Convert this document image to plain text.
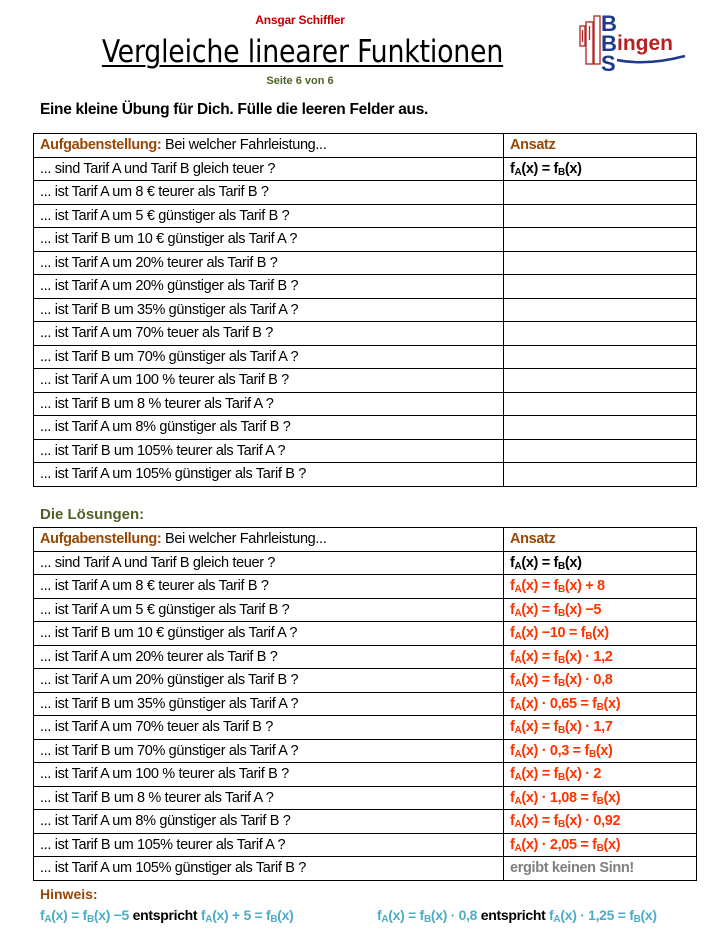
Ansgar Schiffler
Vergleiche linearer Funktionen
Seite 6 von 6
B
B
S
ingen
Eine kleine Übung für Dich. Fülle die leeren Felder aus.
Aufgabenstellung: Bei welcher Fahrleistung...	Ansatz
... sind Tarif A und Tarif B gleich teuer ?	$f_A(x) = f_B(x)$
... ist Tarif A um 8 € teurer als Tarif B ?	
... ist Tarif A um 5 € günstiger als Tarif B ?	
... ist Tarif B um 10 € günstiger als Tarif A ?	
... ist Tarif A um 20% teurer als Tarif B ?	
... ist Tarif A um 20% günstiger als Tarif B ?	
... ist Tarif B um 35% günstiger als Tarif A ?	
... ist Tarif A um 70% teuer als Tarif B ?	
... ist Tarif B um 70% günstiger als Tarif A ?	
... ist Tarif A um 100 % teurer als Tarif B ?	
... ist Tarif B um 8 % teurer als Tarif A ?	
... ist Tarif A um 8% günstiger als Tarif B ?	
... ist Tarif B um 105% teurer als Tarif A ?	
... ist Tarif A um 105% günstiger als Tarif B ?	
Die Lösungen:
Aufgabenstellung: Bei welcher Fahrleistung...	Ansatz
... sind Tarif A und Tarif B gleich teuer ?	$f_A(x) = f_B(x)$
... ist Tarif A um 8 € teurer als Tarif B ?	$f_A(x) = f_B(x) + 8$
... ist Tarif A um 5 € günstiger als Tarif B ?	$f_A(x) = f_B(x) -5$
... ist Tarif B um 10 € günstiger als Tarif A ?	$f_A(x) -10 = f_B(x)$
... ist Tarif A um 20% teurer als Tarif B ?	$f_A(x) = f_B(x) \cdot 1,2$
... ist Tarif A um 20% günstiger als Tarif B ?	$f_A(x) = f_B(x) \cdot 0,8$
... ist Tarif B um 35% günstiger als Tarif A ?	$f_A(x) \cdot 0,65 = f_B(x)$
... ist Tarif A um 70% teuer als Tarif B ?	$f_A(x) = f_B(x) \cdot 1,7$
... ist Tarif B um 70% günstiger als Tarif A ?	$f_A(x) \cdot 0,3 = f_B(x)$
... ist Tarif A um 100 % teurer als Tarif B ?	$f_A(x) = f_B(x) \cdot 2$
... ist Tarif B um 8 % teurer als Tarif A ?	$f_A(x) \cdot 1,08 = f_B(x)$
... ist Tarif A um 8% günstiger als Tarif B ?	$f_A(x) = f_B(x) \cdot 0,92$
... ist Tarif B um 105% teurer als Tarif A ?	$f_A(x) \cdot 2,05 = f_B(x)$
... ist Tarif A um 105% günstiger als Tarif B ?	ergibt keinen Sinn!
Hinweis:
$f_A(x) = f_B(x) -5$ entspricht $f_A(x) + 5 = f_B(x)$	$f_A(x) = f_B(x) \cdot 0,8$ entspricht $f_A(x) \cdot 1,25 = f_B(x)$
